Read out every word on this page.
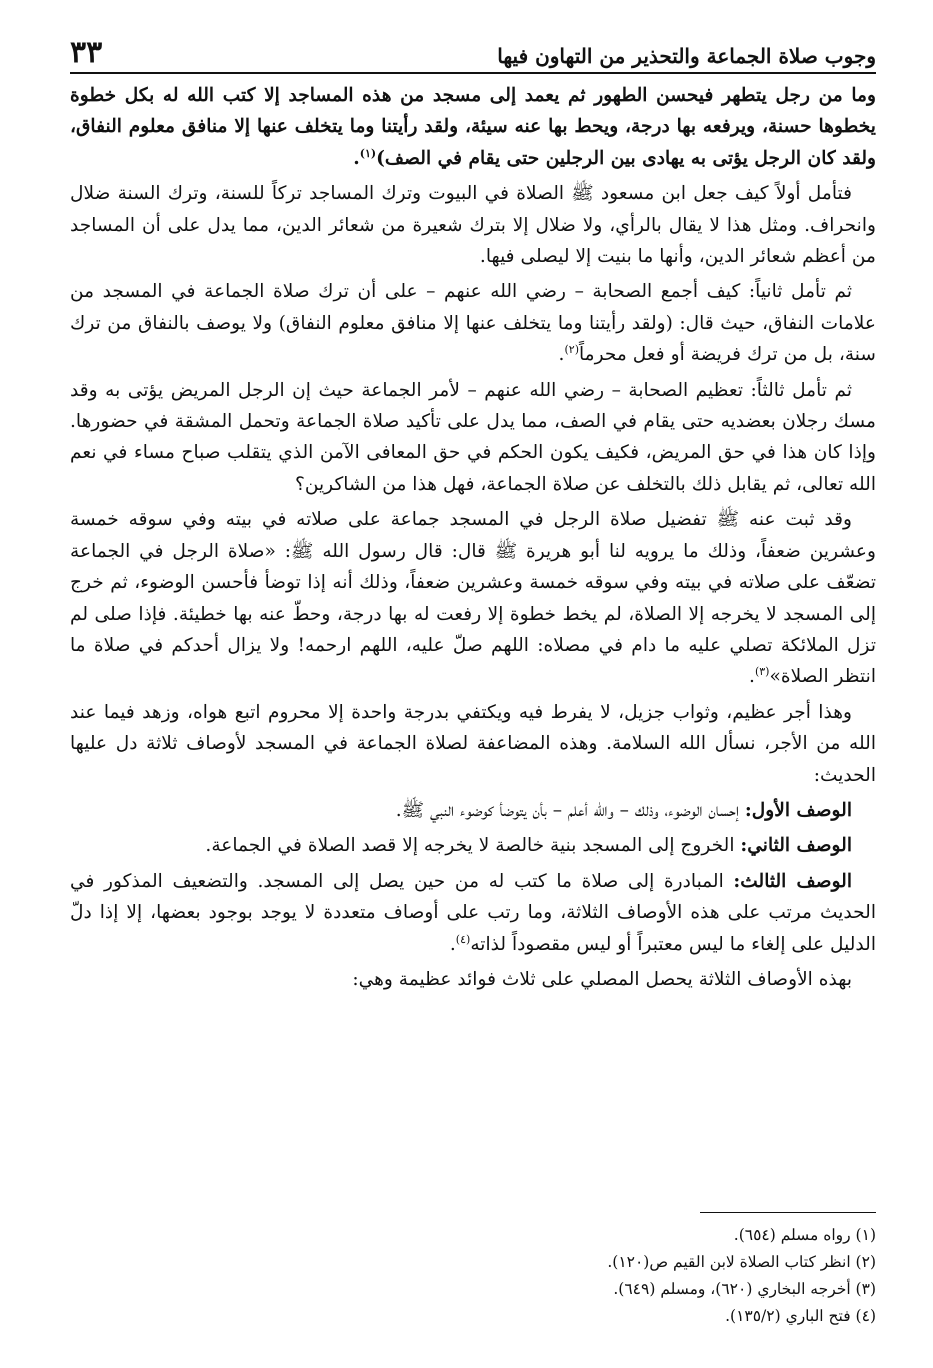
وجوب صلاة الجماعة والتحذير من التهاون فيها
٣٣

وما من رجل يتطهر فيحسن الطهور ثم يعمد إلى مسجد من هذه المساجد إلا كتب الله له بكل خطوة يخطوها حسنة، ويرفعه بها درجة، ويحط بها عنه سيئة، ولقد رأيتنا وما يتخلف عنها إلا منافق معلوم النفاق، ولقد كان الرجل يؤتى به يهادى بين الرجلين حتى يقام في الصف)$^{(١)}$.

فتأمل أولاً كيف جعل ابن مسعود ﷺ الصلاة في البيوت وترك المساجد تركاً للسنة، وترك السنة ضلال وانحراف. ومثل هذا لا يقال بالرأي، ولا ضلال إلا بترك شعيرة من شعائر الدين، مما يدل على أن المساجد من أعظم شعائر الدين، وأنها ما بنيت إلا ليصلى فيها.

ثم تأمل ثانياً: كيف أجمع الصحابة – رضي الله عنهم – على أن ترك صلاة الجماعة في المسجد من علامات النفاق، حيث قال: (ولقد رأيتنا وما يتخلف عنها إلا منافق معلوم النفاق) ولا يوصف بالنفاق من ترك سنة، بل من ترك فريضة أو فعل محرماً$^{(٢)}$.

ثم تأمل ثالثاً: تعظيم الصحابة – رضي الله عنهم – لأمر الجماعة حيث إن الرجل المريض يؤتى به وقد مسك رجلان بعضديه حتى يقام في الصف، مما يدل على تأكيد صلاة الجماعة وتحمل المشقة في حضورها. وإذا كان هذا في حق المريض، فكيف يكون الحكم في حق المعافى الآمن الذي يتقلب صباح مساء في نعم الله تعالى، ثم يقابل ذلك بالتخلف عن صلاة الجماعة، فهل هذا من الشاكرين؟

وقد ثبت عنه ﷺ تفضيل صلاة الرجل في المسجد جماعة على صلاته في بيته وفي سوقه خمسة وعشرين ضعفاً، وذلك ما يرويه لنا أبو هريرة ﷺ قال: قال رسول الله ﷺ: «صلاة الرجل في الجماعة تضعّف على صلاته في بيته وفي سوقه خمسة وعشرين ضعفاً، وذلك أنه إذا توضأ فأحسن الوضوء، ثم خرج إلى المسجد لا يخرجه إلا الصلاة، لم يخط خطوة إلا رفعت له بها درجة، وحطّ عنه بها خطيئة. فإذا صلى لم تزل الملائكة تصلي عليه ما دام في مصلاه: اللهم صلّ عليه، اللهم ارحمه! ولا يزال أحدكم في صلاة ما انتظر الصلاة»$^{(٣)}$.

وهذا أجر عظيم، وثواب جزيل، لا يفرط فيه ويكتفي بدرجة واحدة إلا محروم اتبع هواه، وزهد فيما عند الله من الأجر، نسأل الله السلامة. وهذه المضاعفة لصلاة الجماعة في المسجد لأوصاف ثلاثة دل عليها الحديث:

الوصف الأول: إحسان الوضوء، وذلك – والله أعلم – بأن يتوضأ كوضوء النبي ﷺ.

الوصف الثاني: الخروج إلى المسجد بنية خالصة لا يخرجه إلا قصد الصلاة في الجماعة.

الوصف الثالث: المبادرة إلى صلاة ما كتب له من حين يصل إلى المسجد. والتضعيف المذكور في الحديث مرتب على هذه الأوصاف الثلاثة، وما رتب على أوصاف متعددة لا يوجد بوجود بعضها، إلا إذا دلّ الدليل على إلغاء ما ليس معتبراً أو ليس مقصوداً لذاته$^{(٤)}$.

بهذه الأوصاف الثلاثة يحصل المصلي على ثلاث فوائد عظيمة وهي:

(١) رواه مسلم (٦٥٤).
(٢) انظر كتاب الصلاة لابن القيم ص(١٢٠).
(٣) أخرجه البخاري (٦٢٠)، ومسلم (٦٤٩).
(٤) فتح الباري (١٣٥/٢).
